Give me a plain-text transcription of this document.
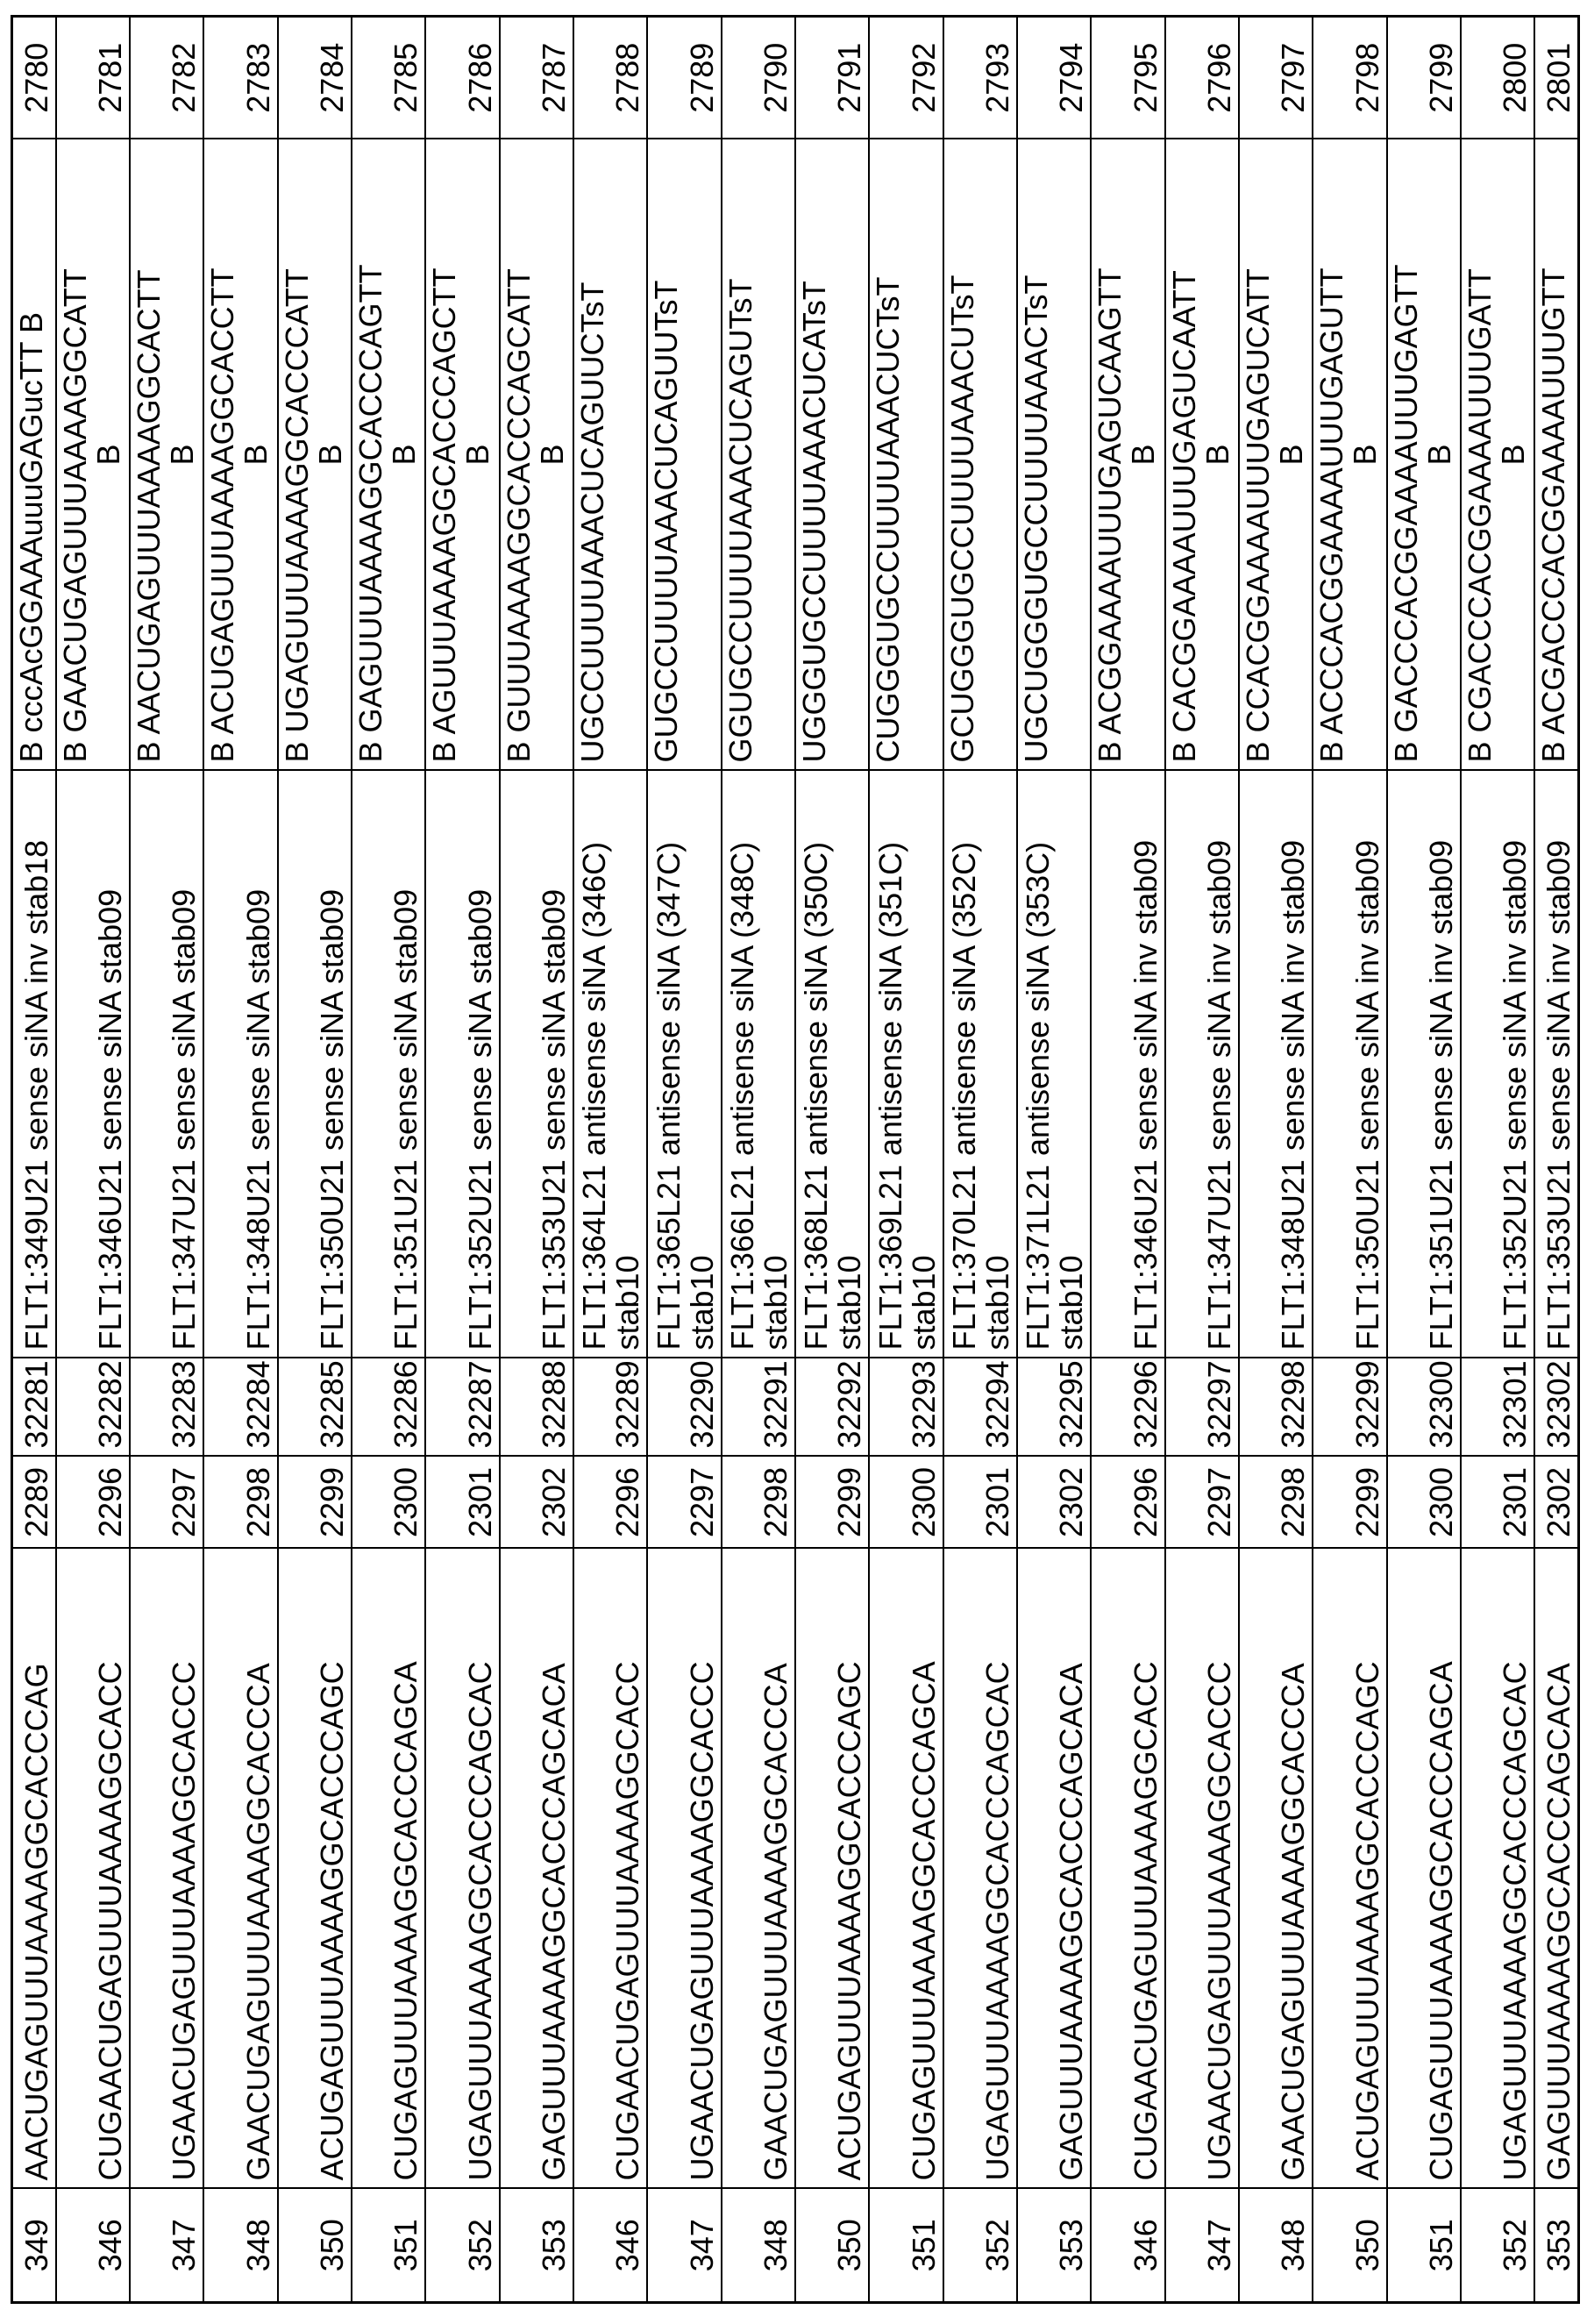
349	AACUGAGUUUAAAAGGCACCCAG	2289	32281	FLT1:349U21 sense siNA inv stab18	B cccAcGGAAAuuuGAGucTT B
	2780
346	CUGAACUGAGUUUAAAAGGCACC	2296	32282	FLT1:346U21 sense siNA stab09	B GAACUGAGUUUAAAAGGCATT
B
	2781
347	UGAACUGAGUUUAAAAGGCACCC	2297	32283	FLT1:347U21 sense siNA stab09	B AACUGAGUUUAAAAGGCACTT
B
	2782
348	GAACUGAGUUUAAAAGGCACCCA	2298	32284	FLT1:348U21 sense siNA stab09	B ACUGAGUUUAAAAGGCACCTT
B
	2783
350	ACUGAGUUUAAAAGGCACCCAGC	2299	32285	FLT1:350U21 sense siNA stab09	B UGAGUUUAAAAGGCACCCATT
B
	2784
351	CUGAGUUUAAAAGGCACCCAGCA	2300	32286	FLT1:351U21 sense siNA stab09	B GAGUUUAAAAGGCACCCAGTT
B
	2785
352	UGAGUUUAAAAGGCACCCAGCAC	2301	32287	FLT1:352U21 sense siNA stab09	B AGUUUAAAAGGCACCCAGCTT
B
	2786
353	GAGUUUAAAAGGCACCCAGCACA	2302	32288	FLT1:353U21 sense siNA stab09	B GUUUAAAAGGCACCCAGCATT
B
	2787
346	CUGAACUGAGUUUAAAAGGCACC	2296	32289	FLT1:364L21 antisense siNA (346C) stab10	UGCCUUUUAAACUCAGUUCTsT
	2788
347	UGAACUGAGUUUAAAAGGCACCC	2297	32290	FLT1:365L21 antisense siNA (347C) stab10	GUGCCUUUUAAACUCAGUUTsT
	2789
348	GAACUGAGUUUAAAAGGCACCCA	2298	32291	FLT1:366L21 antisense siNA (348C) stab10	GGUGCCUUUUAAACUCAGUTsT
	2790
350	ACUGAGUUUAAAAGGCACCCAGC	2299	32292	FLT1:368L21 antisense siNA (350C) stab10	UGGGUGCCUUUUAAACUCATsT
	2791
351	CUGAGUUUAAAAGGCACCCAGCA	2300	32293	FLT1:369L21 antisense siNA (351C) stab10	CUGGGUGCCUUUUAAACUCTsT
	2792
352	UGAGUUUAAAAGGCACCCAGCAC	2301	32294	FLT1:370L21 antisense siNA (352C) stab10	GCUGGGUGCCUUUUAAACUTsT
	2793
353	GAGUUUAAAAGGCACCCAGCACA	2302	32295	FLT1:371L21 antisense siNA (353C) stab10	UGCUGGGUGCCUUUUAAACTsT
	2794
346	CUGAACUGAGUUUAAAAGGCACC	2296	32296	FLT1:346U21 sense siNA inv stab09	B ACGGAAAAUUUGAGUCAAGTT
B
	2795
347	UGAACUGAGUUUAAAAGGCACCC	2297	32297	FLT1:347U21 sense siNA inv stab09	B CACGGAAAAUUUGAGUCAATT
B
	2796
348	GAACUGAGUUUAAAAGGCACCCA	2298	32298	FLT1:348U21 sense siNA inv stab09	B CCACGGAAAAUUUGAGUCATT
B
	2797
350	ACUGAGUUUAAAAGGCACCCAGC	2299	32299	FLT1:350U21 sense siNA inv stab09	B ACCCACGGAAAAUUUGAGUTT
B
	2798
351	CUGAGUUUAAAAGGCACCCAGCA	2300	32300	FLT1:351U21 sense siNA inv stab09	B GACCCACGGAAAAUUUGAGTT
B
	2799
352	UGAGUUUAAAAGGCACCCAGCAC	2301	32301	FLT1:352U21 sense siNA inv stab09	B CGACCCACGGAAAAUUUGATT
B
	2800
353	GAGUUUAAAAGGCACCCAGCACA	2302	32302	FLT1:353U21 sense siNA inv stab09	B ACGACCCACGGAAAAUUUGTT
	2801
